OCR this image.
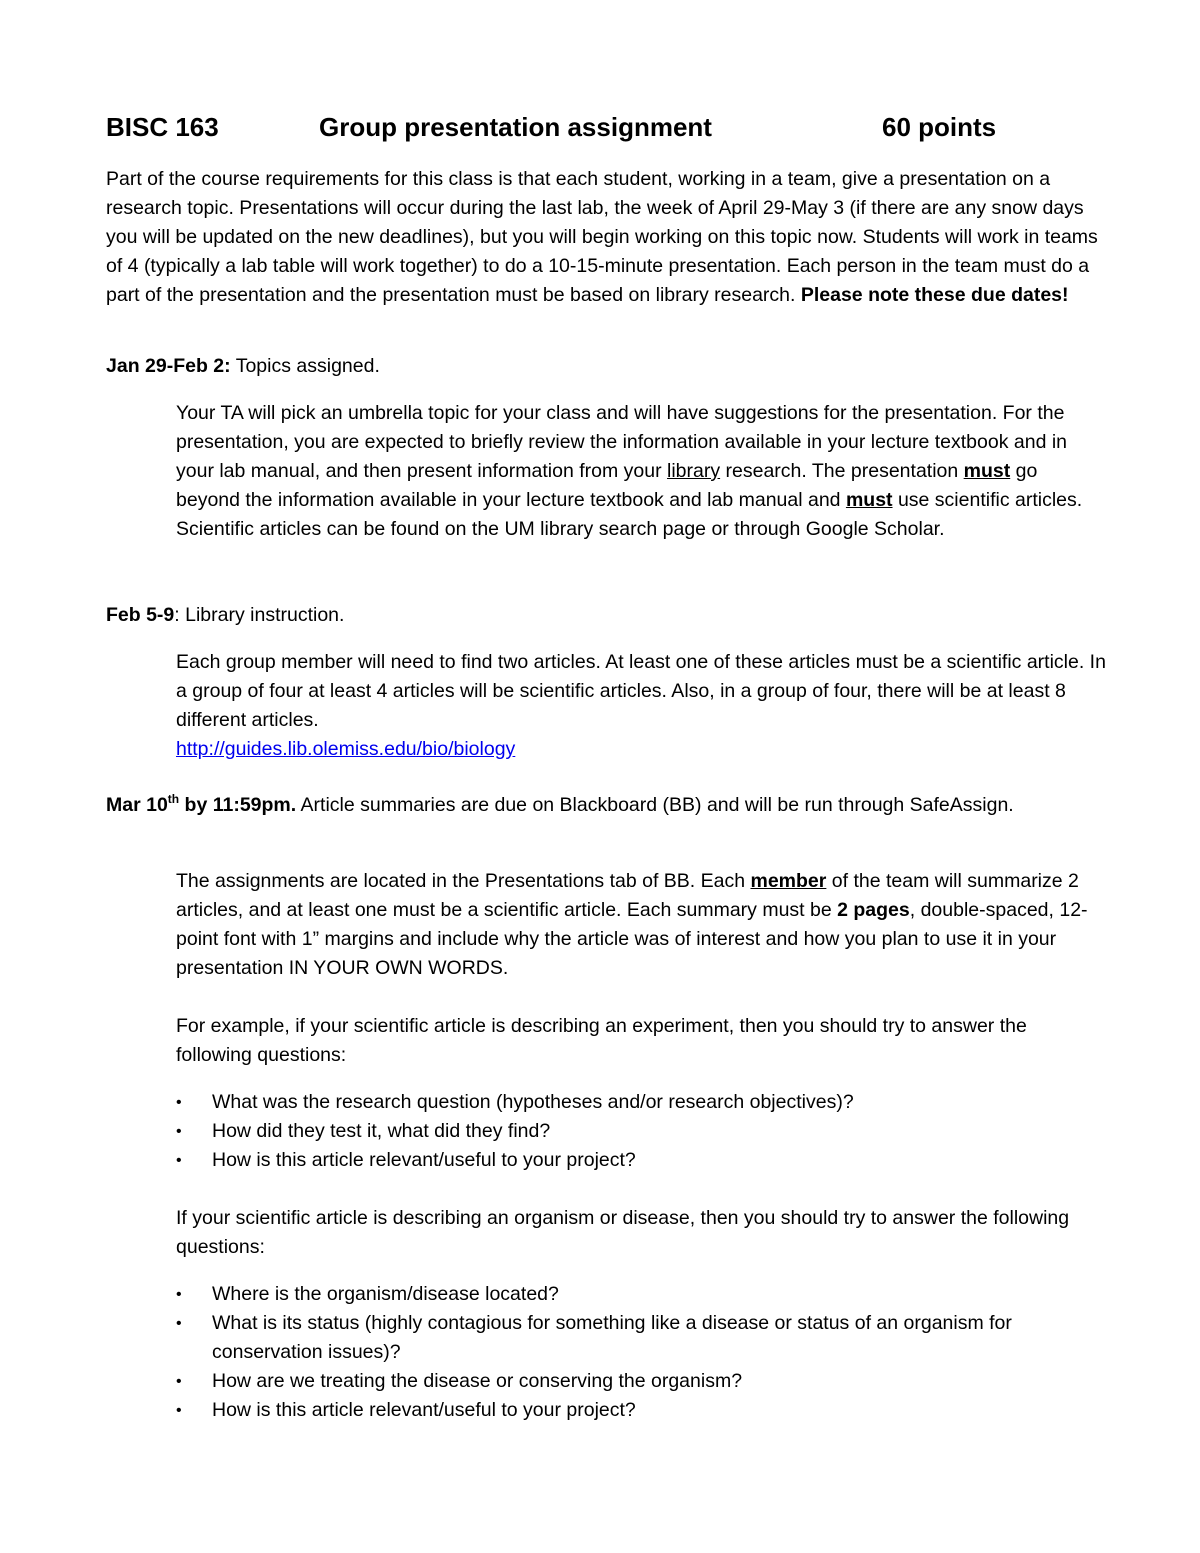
BISC 163	Group presentation assignment	60 points

Part of the course requirements for this class is that each student, working in a team, give a presentation on a research topic. Presentations will occur during the last lab, the week of April 29-May 3 (if there are any snow days you will be updated on the new deadlines), but you will begin working on this topic now. Students will work in teams of 4 (typically a lab table will work together) to do a 10-15-minute presentation. Each person in the team must do a part of the presentation and the presentation must be based on library research. Please note these due dates!

Jan 29-Feb 2: Topics assigned.

Your TA will pick an umbrella topic for your class and will have suggestions for the presentation. For the presentation, you are expected to briefly review the information available in your lecture textbook and in your lab manual, and then present information from your library research. The presentation must go beyond the information available in your lecture textbook and lab manual and must use scientific articles. Scientific articles can be found on the UM library search page or through Google Scholar.

Feb 5-9: Library instruction.

Each group member will need to find two articles. At least one of these articles must be a scientific article. In a group of four at least 4 articles will be scientific articles. Also, in a group of four, there will be at least 8 different articles.

http://guides.lib.olemiss.edu/bio/biology

Mar 10th by 11:59pm. Article summaries are due on Blackboard (BB) and will be run through SafeAssign.

The assignments are located in the Presentations tab of BB. Each member of the team will summarize 2 articles, and at least one must be a scientific article. Each summary must be 2 pages, double-spaced, 12-point font with 1” margins and include why the article was of interest and how you plan to use it in your presentation IN YOUR OWN WORDS.

For example, if your scientific article is describing an experiment, then you should try to answer the following questions:

• What was the research question (hypotheses and/or research objectives)?
• How did they test it, what did they find?
• How is this article relevant/useful to your project?

If your scientific article is describing an organism or disease, then you should try to answer the following questions:

• Where is the organism/disease located?
• What is its status (highly contagious for something like a disease or status of an organism for conservation issues)?
• How are we treating the disease or conserving the organism?
• How is this article relevant/useful to your project?
